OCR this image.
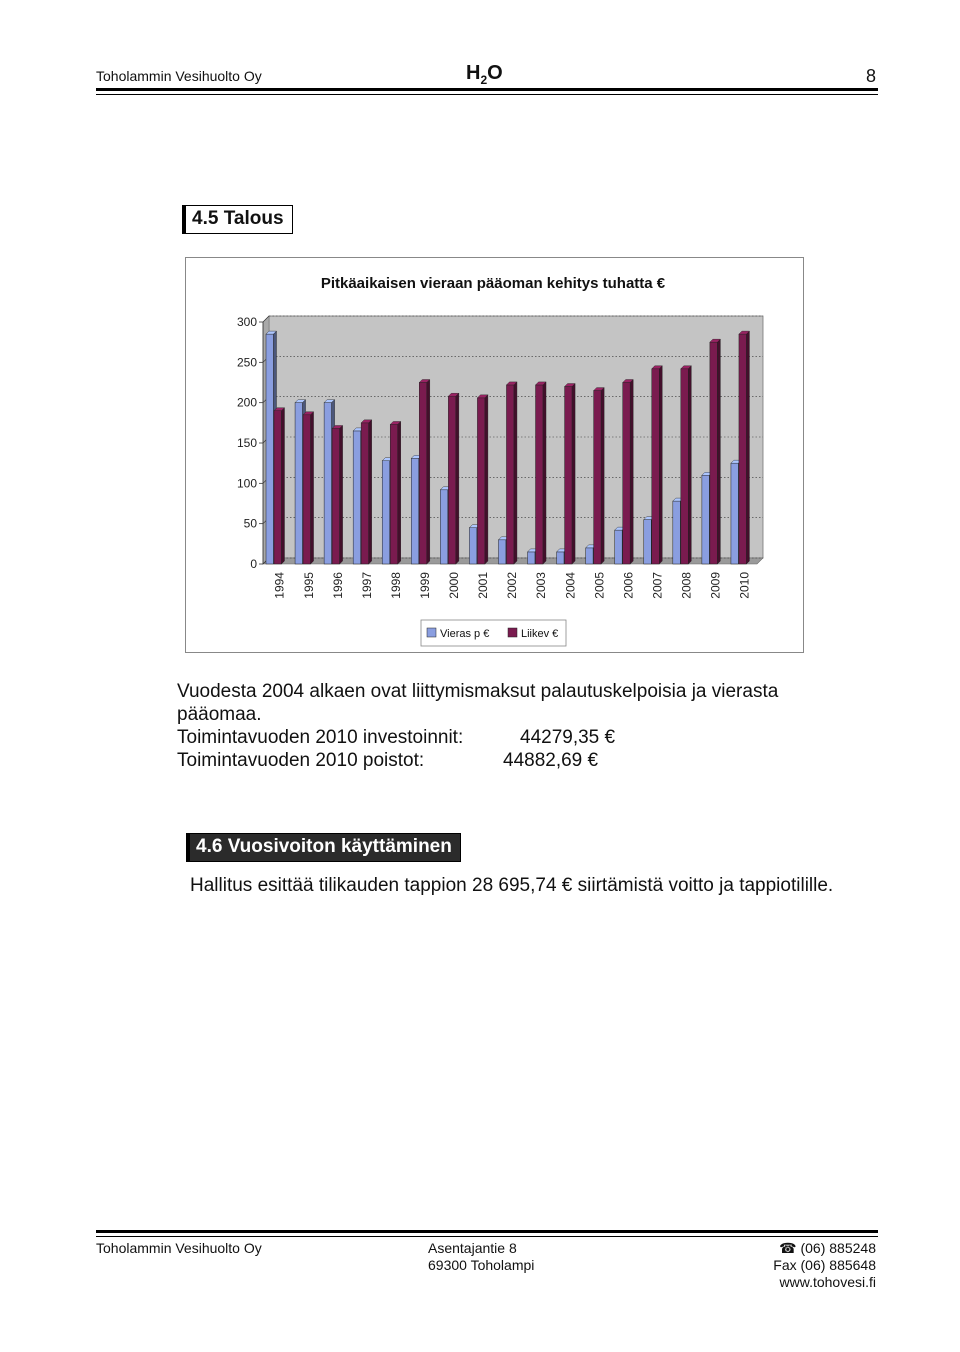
Toholammin Vesihuolto Oy	$H_2O$	8
4.5 Talous
Pitkäaikaisen vieraan pääoman kehitys tuhatta €
0
50
100
150
200
250
300
1994 1995 1996 1997 1998 1999 2000 2001 2002 2003 2004 2005 2006 2007 2008 2009 2010
Vieras p €	Liikev €
Vuodesta 2004 alkaen ovat liittymismaksut palautuskelpoisia ja vierasta
pääomaa.
Toimintavuoden 2010 investoinnit:	44279,35 €
Toimintavuoden 2010 poistot:	44882,69 €
4.6 Vuosivoiton käyttäminen
Hallitus esittää tilikauden tappion 28 695,74 € siirtämistä voitto ja tappiotilille.
Toholammin Vesihuolto Oy	Asentajantie 8
69300 Toholampi
☎ (06) 885248
Fax (06) 885648
www.tohovesi.fi
